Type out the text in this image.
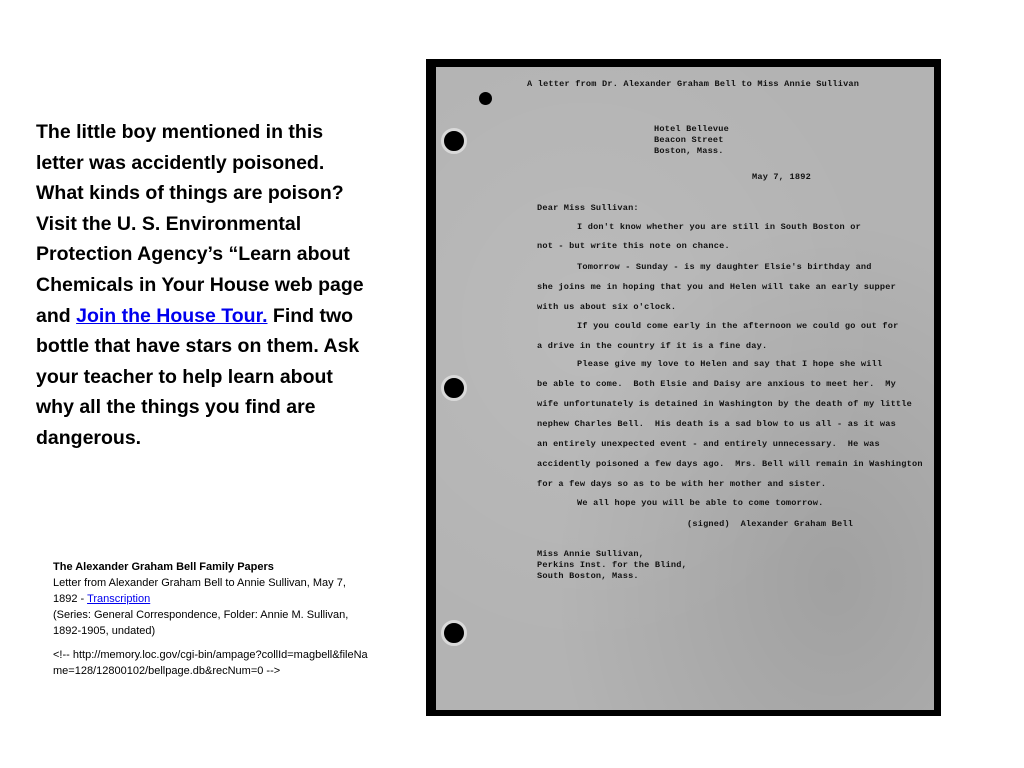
The little boy mentioned in this letter was accidently poisoned. What kinds of things are poison? Visit the U. S. Environmental Protection Agency’s “Learn about Chemicals in Your House web page and Join the House Tour. Find two bottle that have stars on them. Ask your teacher to help learn about why all the things you find are dangerous.
The Alexander Graham Bell Family Papers
Letter from Alexander Graham Bell to Annie Sullivan, May 7, 1892 - Transcription
(Series: General Correspondence, Folder: Annie M. Sullivan, 1892-1905, undated)
<!-- http://memory.loc.gov/cgi-bin/ampage?collId=magbell&fileName=128/12800102/bellpage.db&recNum=0 -->
A letter from Dr. Alexander Graham Bell to Miss Annie Sullivan
Hotel Bellevue
Beacon Street
Boston, Mass.
May 7, 1892
Dear Miss Sullivan:
I don't know whether you are still in South Boston or
not - but write this note on chance.
Tomorrow - Sunday - is my daughter Elsie's birthday and
she joins me in hoping that you and Helen will take an early supper
with us about six o'clock.
If you could come early in the afternoon we could go out for
a drive in the country if it is a fine day.
Please give my love to Helen and say that I hope she will
be able to come.  Both Elsie and Daisy are anxious to meet her.  My
wife unfortunately is detained in Washington by the death of my little
nephew Charles Bell.  His death is a sad blow to us all - as it was
an entirely unexpected event - and entirely unnecessary.  He was
accidently poisoned a few days ago.  Mrs. Bell will remain in Washington
for a few days so as to be with her mother and sister.
We all hope you will be able to come tomorrow.
(signed)  Alexander Graham Bell
Miss Annie Sullivan,
Perkins Inst. for the Blind,
South Boston, Mass.
